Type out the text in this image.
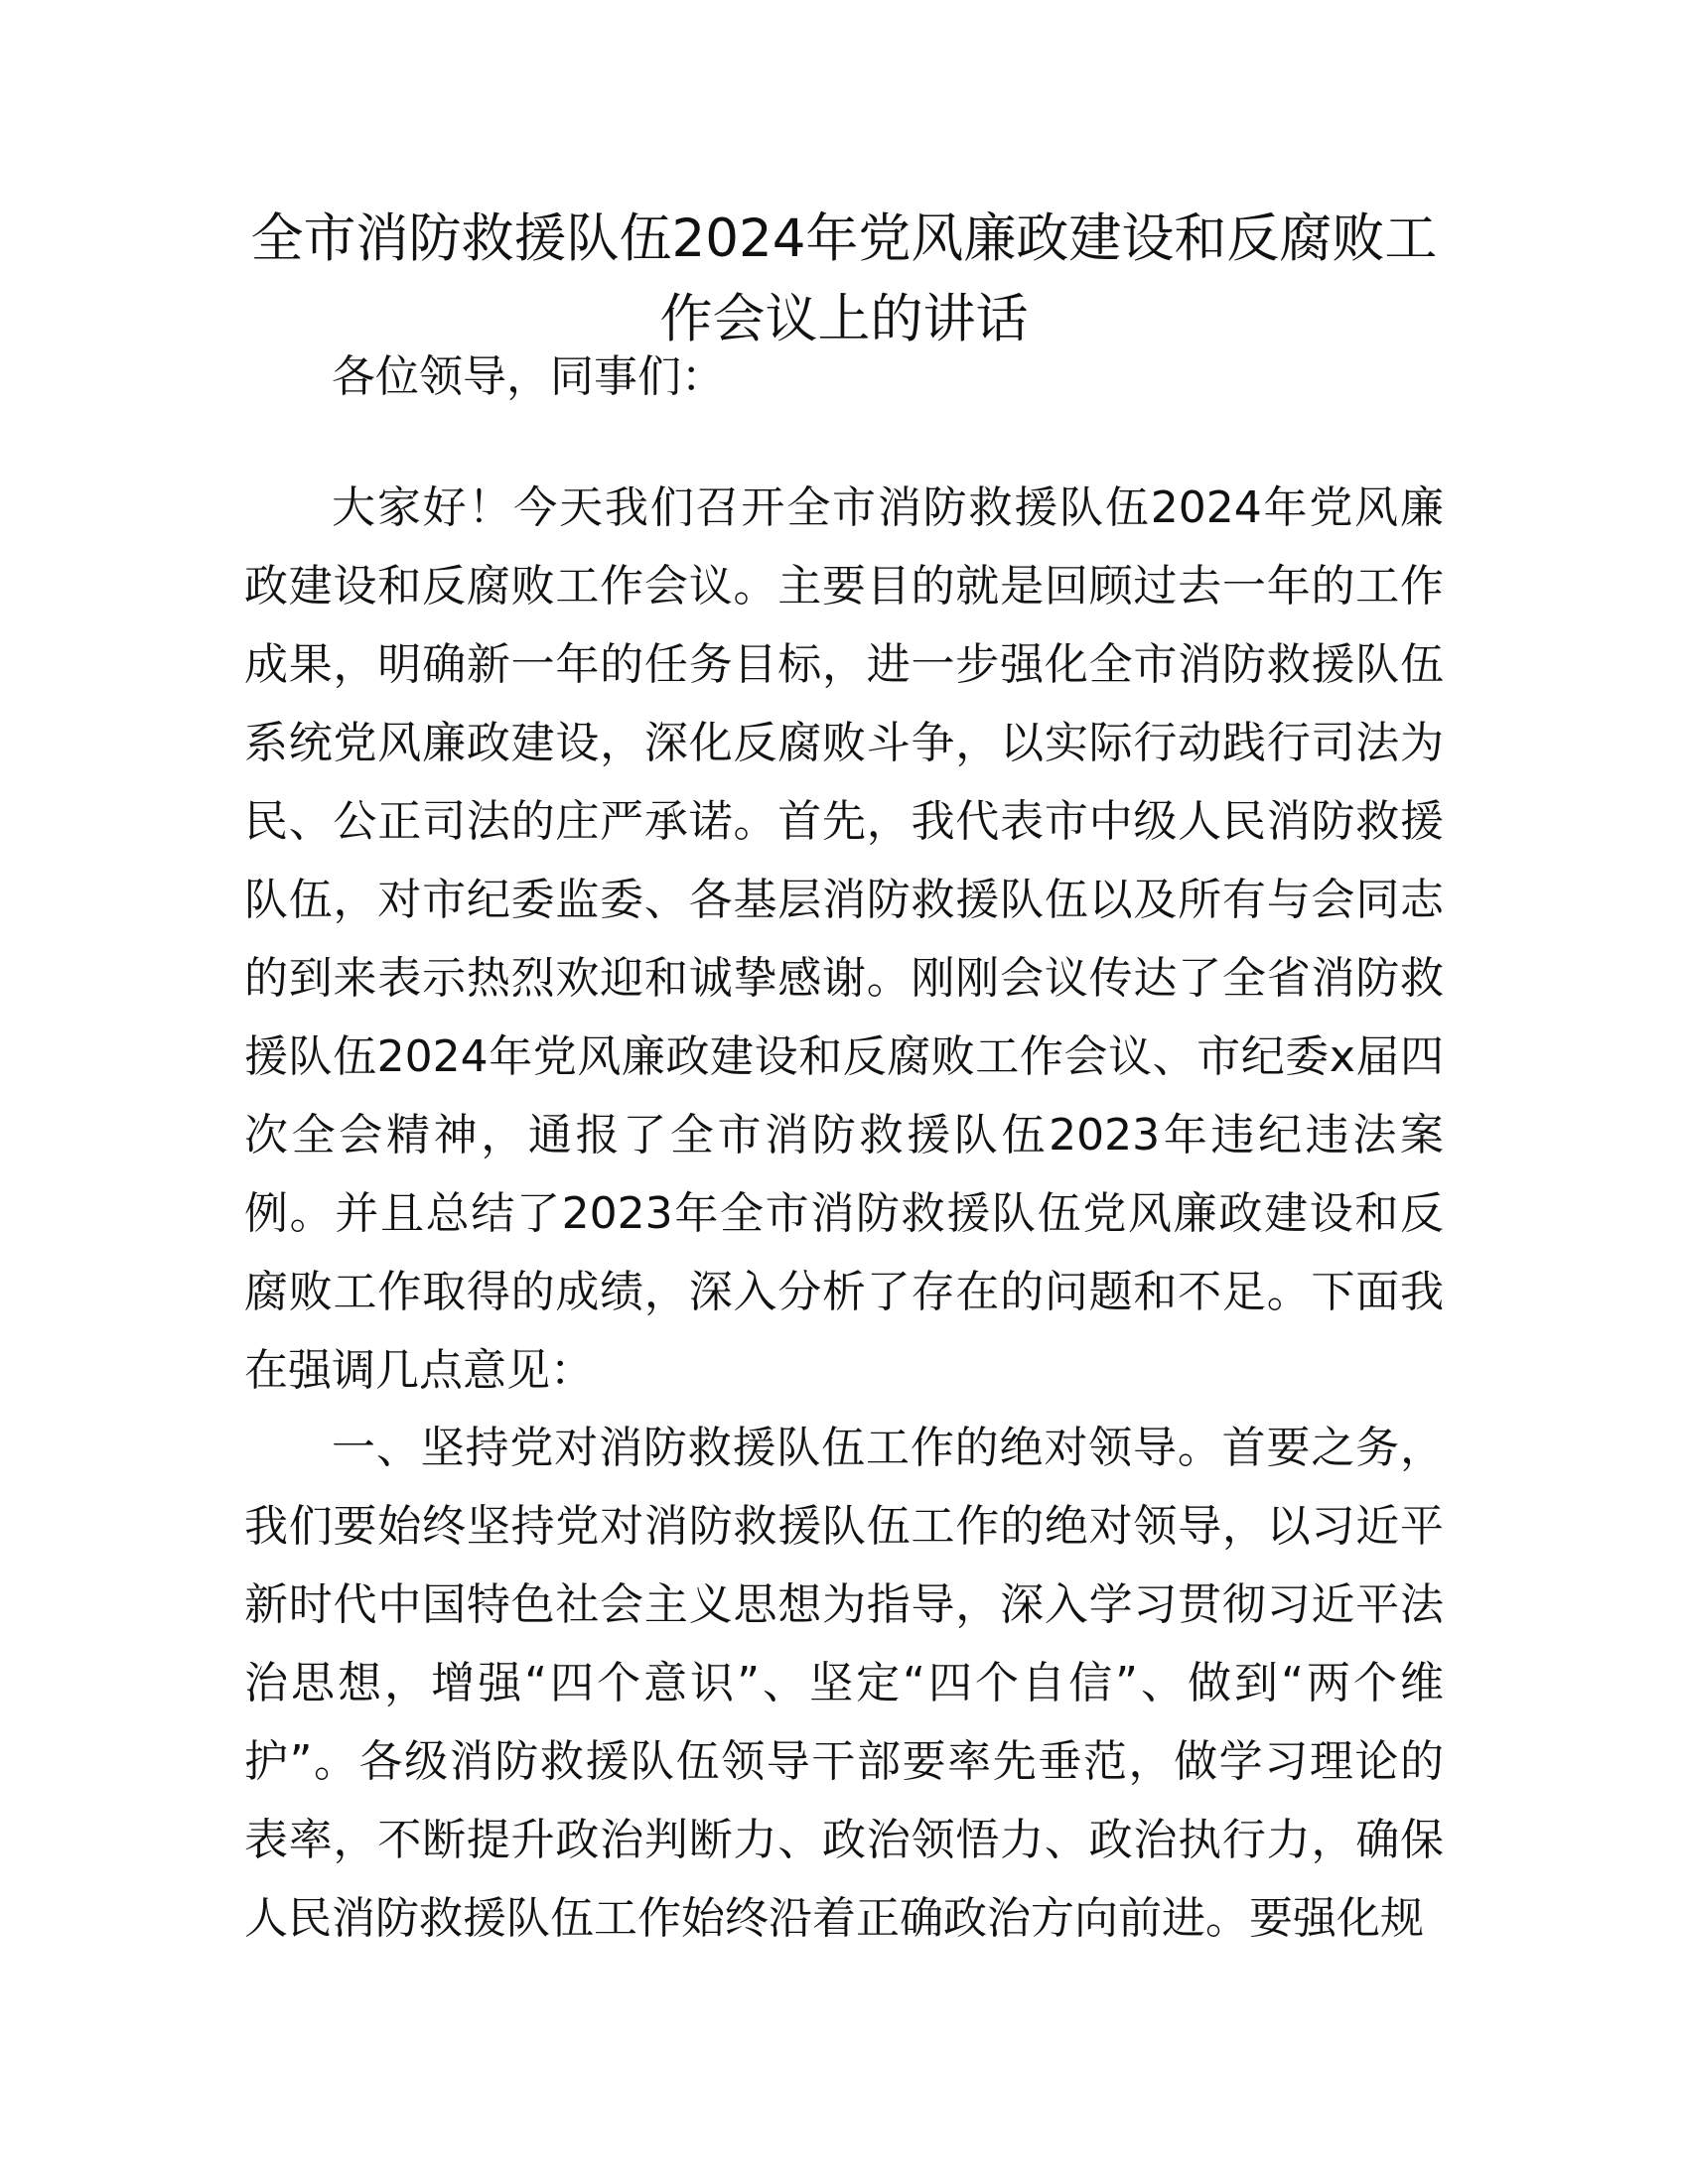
全市消防救援队伍2024年党风廉政建设和反腐败工作会议上的讲话

各位领导，同事们：

大家好！今天我们召开全市消防救援队伍2024年党风廉政建设和反腐败工作会议。主要目的就是回顾过去一年的工作成果，明确新一年的任务目标，进一步强化全市消防救援队伍系统党风廉政建设，深化反腐败斗争，以实际行动践行司法为民、公正司法的庄严承诺。首先，我代表市中级人民消防救援队伍，对市纪委监委、各基层消防救援队伍以及所有与会同志的到来表示热烈欢迎和诚挚感谢。刚刚会议传达了全省消防救援队伍2024年党风廉政建设和反腐败工作会议、市纪委x届四次全会精神，通报了全市消防救援队伍2023年违纪违法案例。并且总结了2023年全市消防救援队伍党风廉政建设和反腐败工作取得的成绩，深入分析了存在的问题和不足。下面我在强调几点意见：

一、坚持党对消防救援队伍工作的绝对领导。首要之务，我们要始终坚持党对消防救援队伍工作的绝对领导，以习近平新时代中国特色社会主义思想为指导，深入学习贯彻习近平法治思想，增强“四个意识”、坚定“四个自信”、做到“两个维护”。各级消防救援队伍领导干部要率先垂范，做学习理论的表率，不断提升政治判断力、政治领悟力、政治执行力，确保人民消防救援队伍工作始终沿着正确政治方向前进。要强化规
